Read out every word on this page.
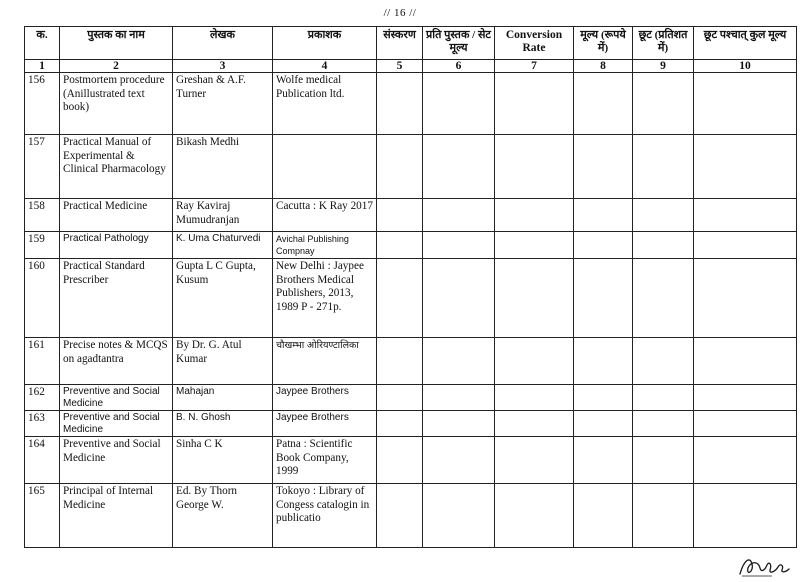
// 16 //
क.	पुस्तक का नाम	लेखक	प्रकाशक	संस्करण	प्रति पुस्तक / सेट मूल्य	Conversion Rate	मूल्य (रूपये में)	छूट (प्रतिशत में)	छूट पश्चात् कुल मूल्य
1	2	3	4	5	6	7	8	9	10
156	Postmortem procedure (Anillustrated text book)	Greshan & A.F. Turner	Wolfe medical Publication ltd.						
157	Practical Manual of Experimental & Clinical Pharmacology	Bikash Medhi							
158	Practical Medicine	Ray Kaviraj Mumudranjan	Cacutta : K Ray 2017						
159	Practical Pathology	K. Uma Chaturvedi	Avichal Publishing Compnay						
160	Practical Standard Prescriber	Gupta L C Gupta, Kusum	New Delhi : Jaypee Brothers Medical Publishers, 2013, 1989 P - 271p.						
161	Precise notes & MCQS on agadtantra	By Dr. G. Atul Kumar	चौखम्भा ओरियण्टालिका						
162	Preventive and Social Medicine	Mahajan	Jaypee Brothers						
163	Preventive and Social Medicine	B. N. Ghosh	Jaypee Brothers						
164	Preventive and Social Medicine	Sinha C K	Patna : Scientific Book Company, 1999						
165	Principal of Internal Medicine	Ed. By Thorn George W.	Tokoyo : Library of Congess catalogin in publicatio						
